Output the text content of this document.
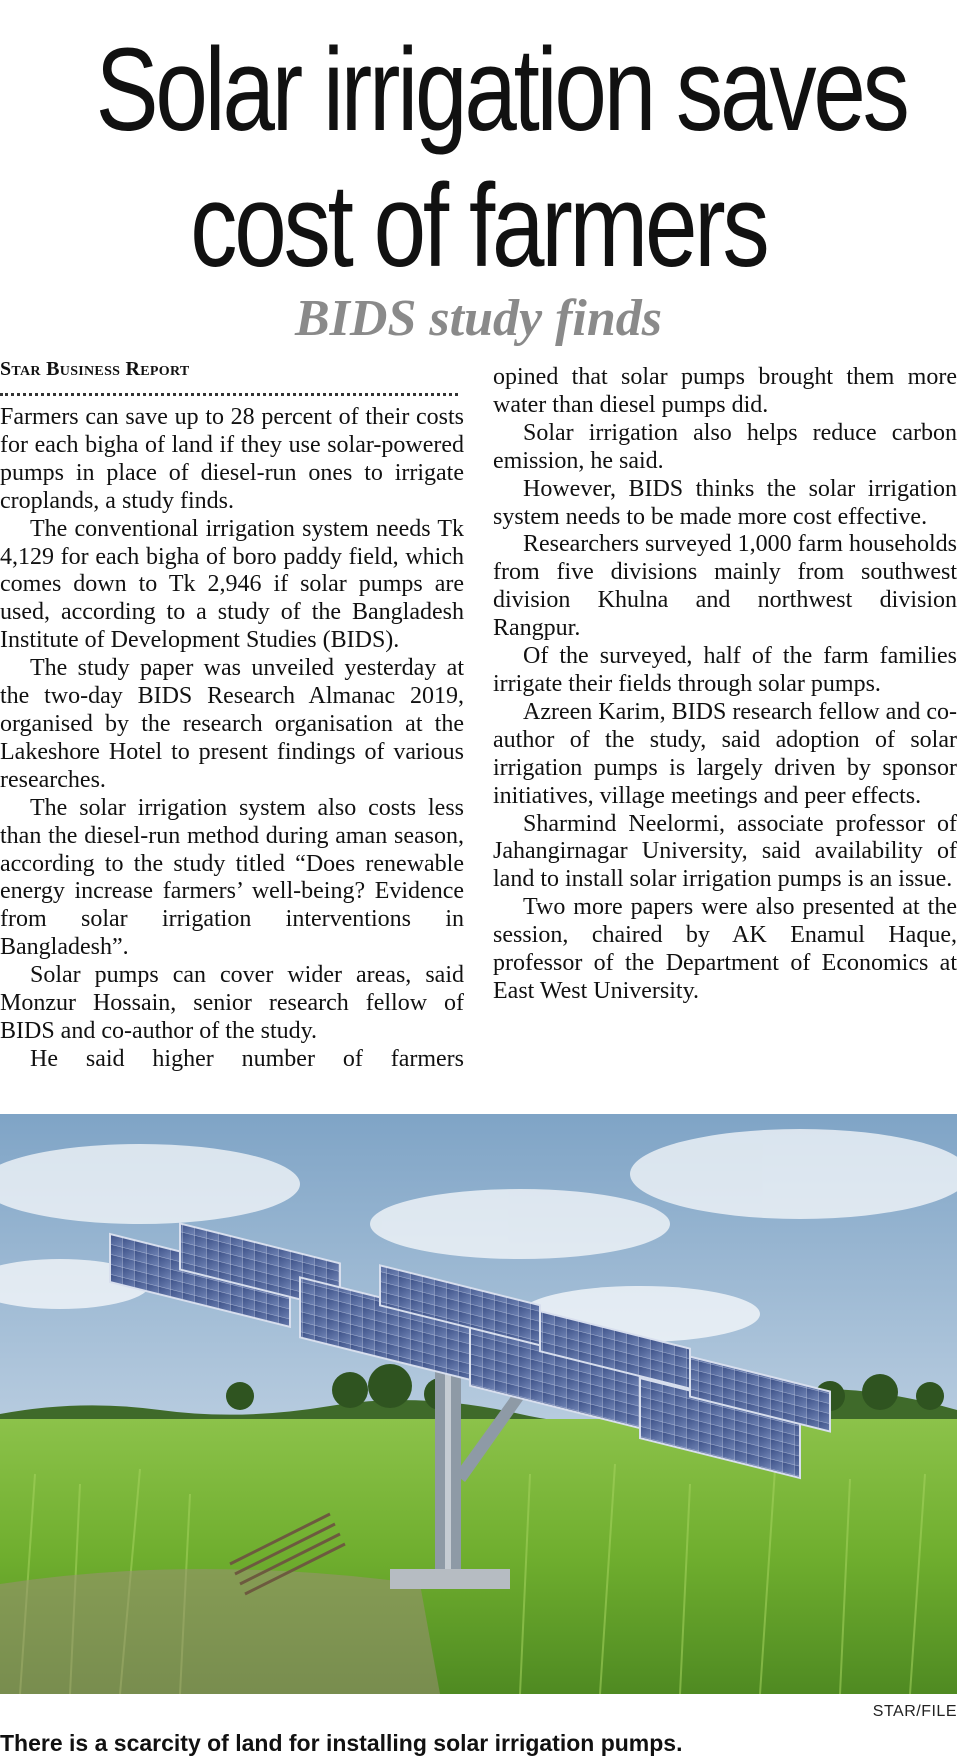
Solar irrigation saves
cost of farmers
BIDS study finds
Star Business Report

Farmers can save up to 28 percent of their costs for each bigha of land if they use solar-powered pumps in place of diesel-run ones to irrigate croplands, a study finds.

The conventional irrigation system needs Tk 4,129 for each bigha of boro paddy field, which comes down to Tk 2,946 if solar pumps are used, according to a study of the Bangladesh Institute of Development Studies (BIDS).

The study paper was unveiled yesterday at the two-day BIDS Research Almanac 2019, organised by the research organisation at the Lakeshore Hotel to present findings of various researches.

The solar irrigation system also costs less than the diesel-run method during aman season, according to the study titled “Does renewable energy increase farmers’ well-being? Evidence from solar irrigation interventions in Bangladesh”.

Solar pumps can cover wider areas, said Monzur Hossain, senior research fellow of BIDS and co-author of the study.

He said higher number of farmers

opined that solar pumps brought them more water than diesel pumps did.

Solar irrigation also helps reduce carbon emission, he said.

However, BIDS thinks the solar irrigation system needs to be made more cost effective.

Researchers surveyed 1,000 farm households from five divisions mainly from southwest division Khulna and northwest division Rangpur.

Of the surveyed, half of the farm families irrigate their fields through solar pumps.

Azreen Karim, BIDS research fellow and co-author of the study, said adoption of solar irrigation pumps is largely driven by sponsor initiatives, village meetings and peer effects.

Sharmind Neelormi, associate professor of Jahangirnagar University, said availability of land to install solar irrigation pumps is an issue.

Two more papers were also presented at the session, chaired by AK Enamul Haque, professor of the Department of Economics at East West University.

STAR/FILE
There is a scarcity of land for installing solar irrigation pumps.
